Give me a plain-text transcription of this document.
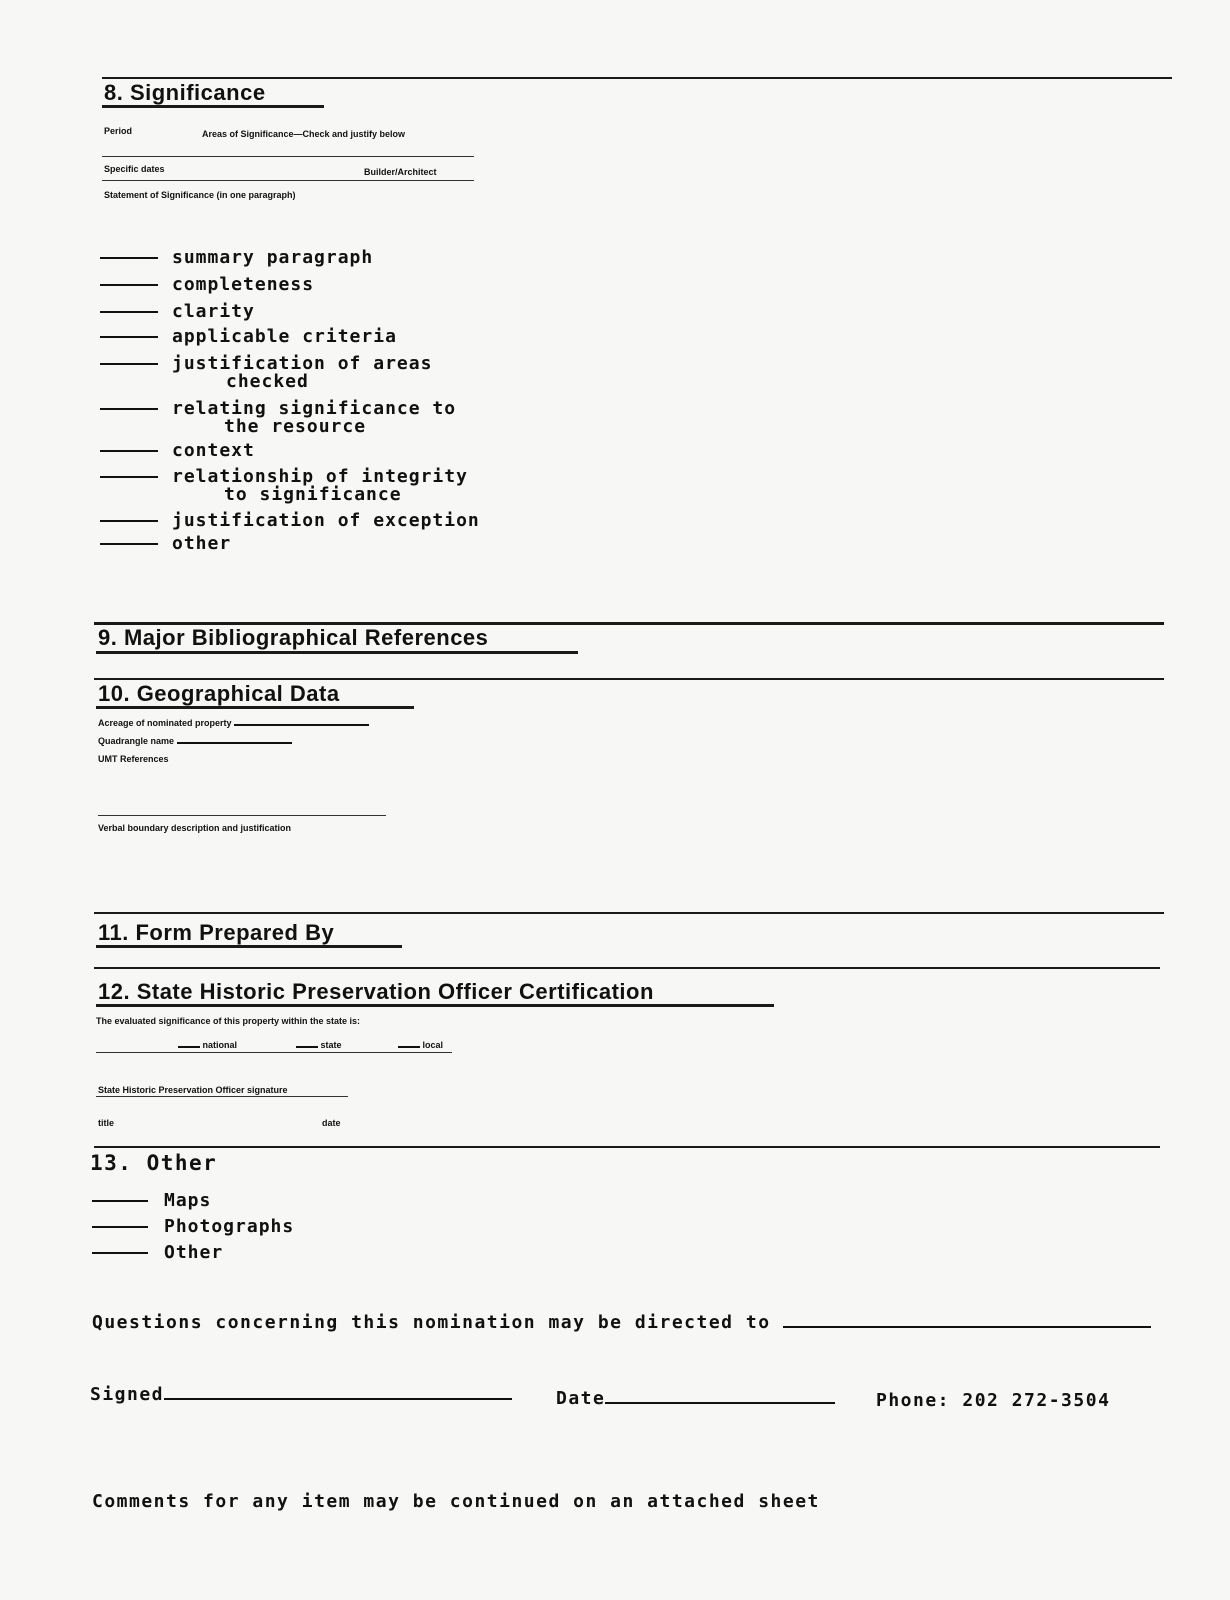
8. Significance
Period	Areas of Significance—Check and justify below
Specific dates	Builder/Architect
Statement of Significance (in one paragraph)
summary paragraph
completeness
clarity
applicable criteria
justification of areas
checked
relating significance to
the resource
context
relationship of integrity
to significance
justification of exception
other
9. Major Bibliographical References
10. Geographical Data
Acreage of nominated property
Quadrangle name
UMT References
Verbal boundary description and justification
11. Form Prepared By
12. State Historic Preservation Officer Certification
The evaluated significance of this property within the state is:
national	state	local
State Historic Preservation Officer signature
title	date
13. Other
Maps
Photographs
Other
Questions concerning this nomination may be directed to
Signed	Date	Phone: 202 272-3504
Comments for any item may be continued on an attached sheet
